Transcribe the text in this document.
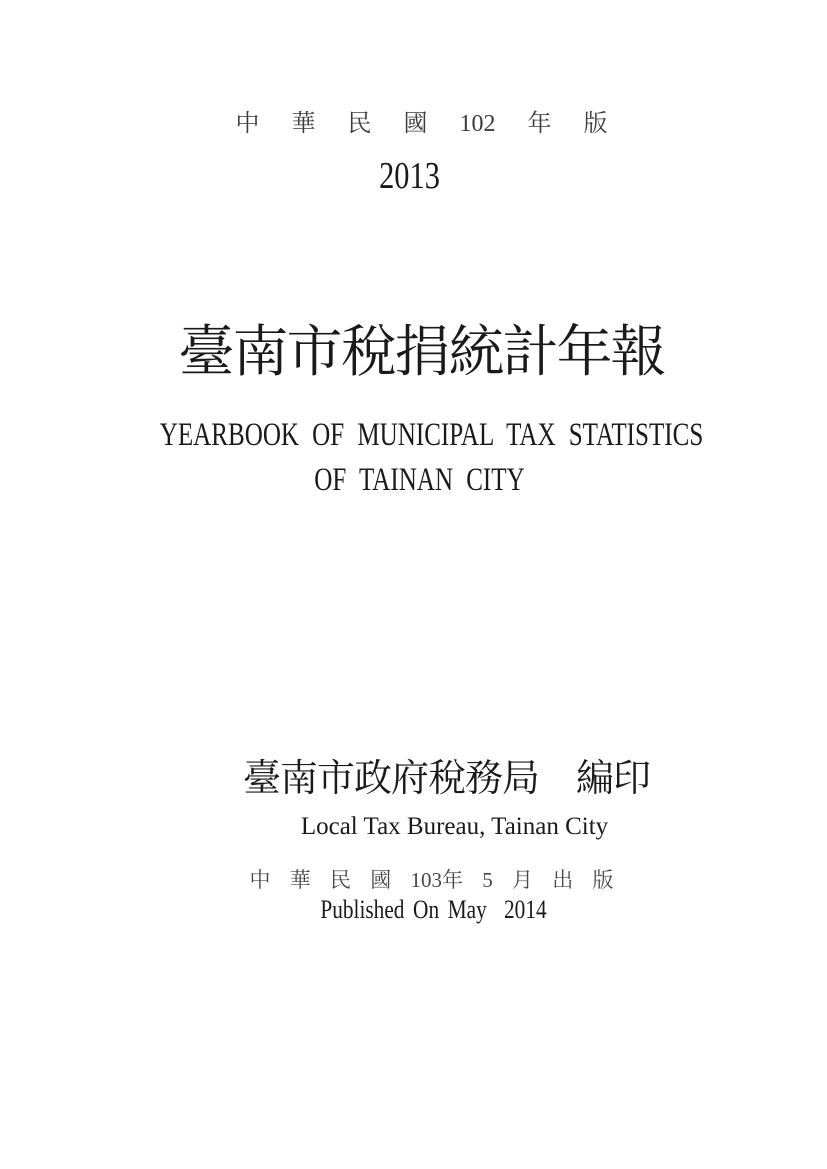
中 華 民 國 102 年 版
2013
臺南市稅捐統計年報
YEARBOOK OF MUNICIPAL TAX STATISTICS
OF TAINAN CITY
臺南市政府稅務局　編印
Local Tax Bureau, Tainan City
中 華 民 國 103年 5 月 出 版
Published On May  2014
